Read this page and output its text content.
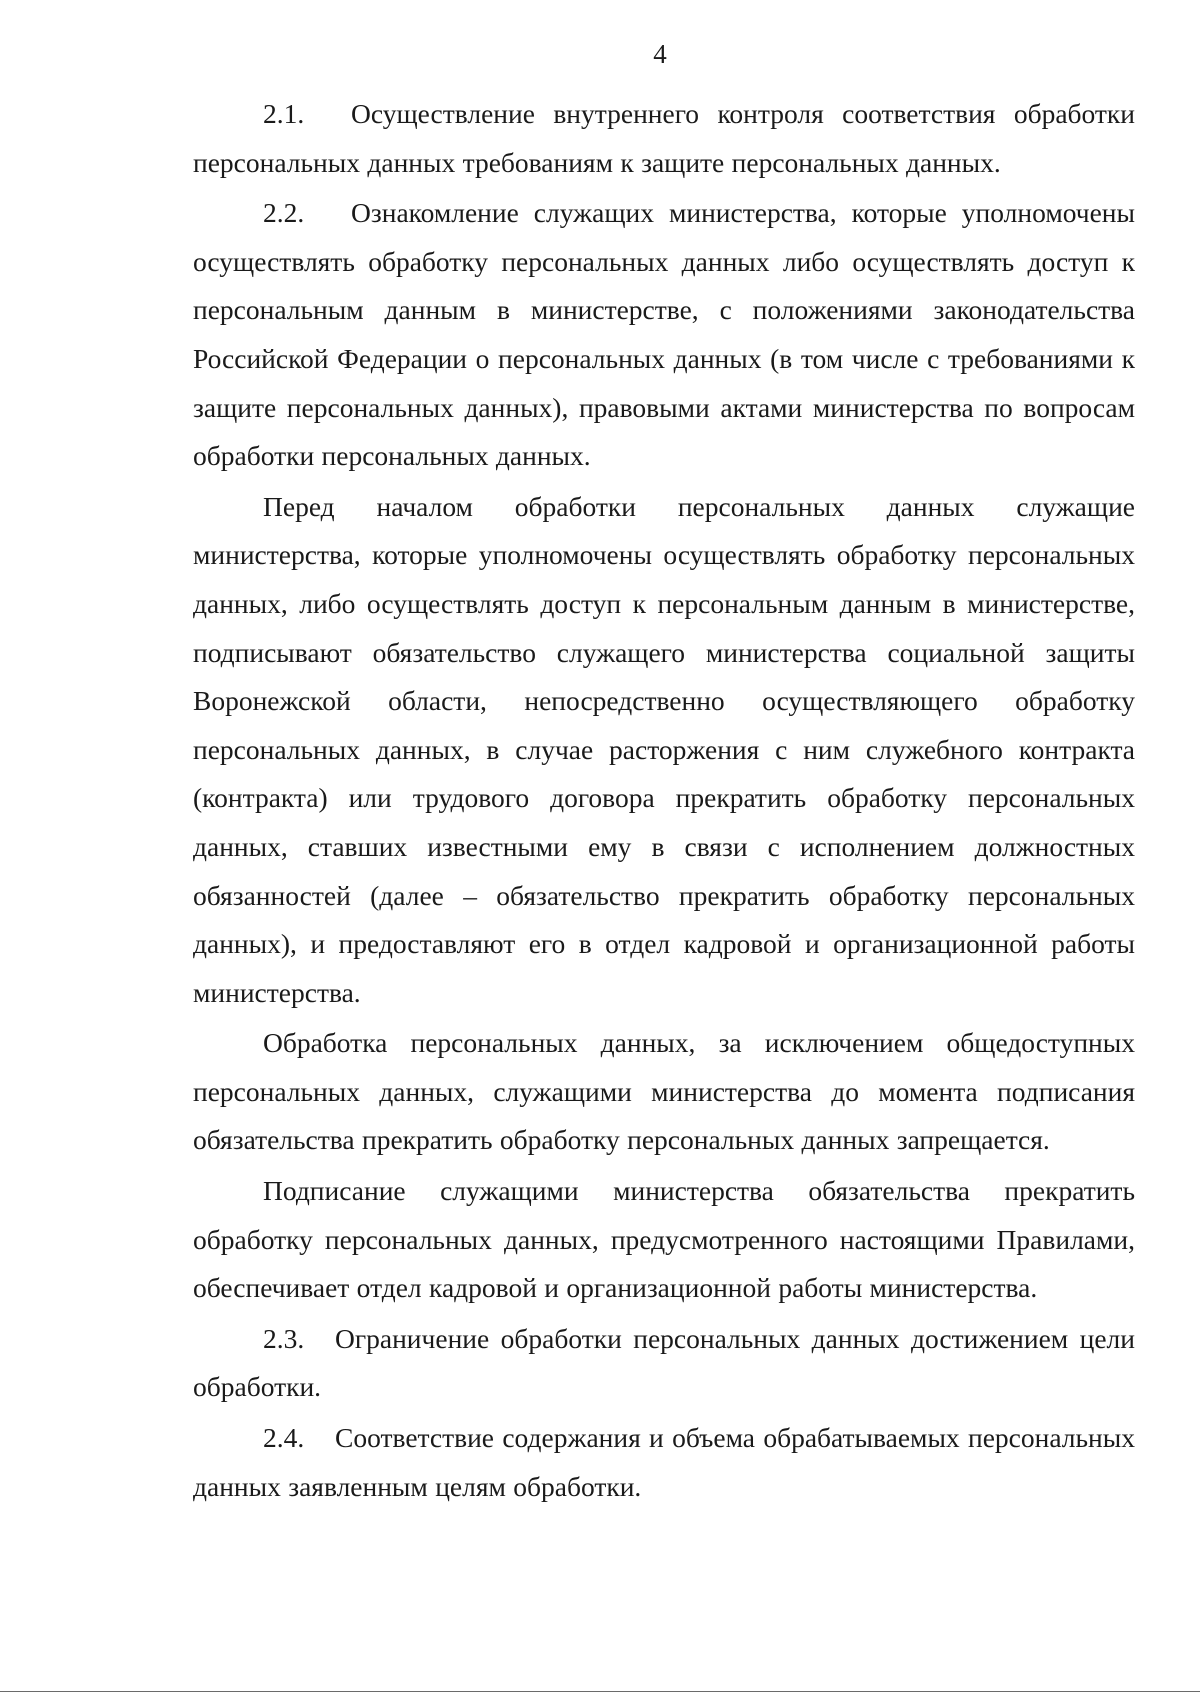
4

2.1. Осуществление внутреннего контроля соответствия обработки персональных данных требованиям к защите персональных данных.

2.2. Ознакомление служащих министерства, которые уполномочены осуществлять обработку персональных данных либо осуществлять доступ к персональным данным в министерстве, с положениями законодательства Российской Федерации о персональных данных (в том числе с требованиями к защите персональных данных), правовыми актами министерства по вопросам обработки персональных данных.

Перед началом обработки персональных данных служащие министерства, которые уполномочены осуществлять обработку персональных данных, либо осуществлять доступ к персональным данным в министерстве, подписывают обязательство служащего министерства социальной защиты Воронежской области, непосредственно осуществляющего обработку персональных данных, в случае расторжения с ним служебного контракта (контракта) или трудового договора прекратить обработку персональных данных, ставших известными ему в связи с исполнением должностных обязанностей (далее – обязательство прекратить обработку персональных данных), и предоставляют его в отдел кадровой и организационной работы министерства.

Обработка персональных данных, за исключением общедоступных персональных данных, служащими министерства до момента подписания обязательства прекратить обработку персональных данных запрещается.

Подписание служащими министерства обязательства прекратить обработку персональных данных, предусмотренного настоящими Правилами, обеспечивает отдел кадровой и организационной работы министерства.

2.3. Ограничение обработки персональных данных достижением цели обработки.

2.4. Соответствие содержания и объема обрабатываемых персональных данных заявленным целям обработки.
